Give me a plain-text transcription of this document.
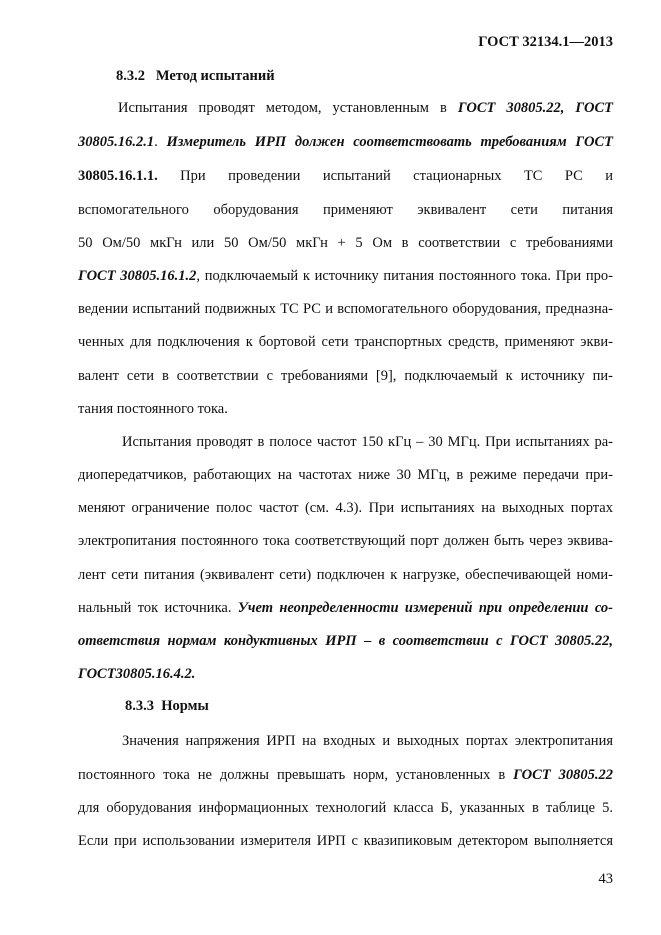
ГОСТ 32134.1—2013
8.3.2 Метод испытаний
Испытания проводят методом, установленным в ГОСТ 30805.22, ГОСТ
30805.16.2.1. Измеритель ИРП должен соответствовать требованиям ГОСТ
30805.16.1.1. При проведении испытаний стационарных ТС РС и
вспомогательного оборудования применяют эквивалент сети питания
50 Ом/50 мкГн или 50 Ом/50 мкГн + 5 Ом в соответствии с требованиями
ГОСТ 30805.16.1.2, подключаемый к источнику питания постоянного тока. При про-
ведении испытаний подвижных ТС РС и вспомогательного оборудования, предназна-
ченных для подключения к бортовой сети транспортных средств, применяют экви-
валент сети в соответствии с требованиями [9], подключаемый к источнику пи-
тания постоянного тока.
Испытания проводят в полосе частот 150 кГц – 30 МГц. При испытаниях ра-
диопередатчиков, работающих на частотах ниже 30 МГц, в режиме передачи при-
меняют ограничение полос частот (см. 4.3). При испытаниях на выходных портах
электропитания постоянного тока соответствующий порт должен быть через эквива-
лент сети питания (эквивалент сети) подключен к нагрузке, обеспечивающей номи-
нальный ток источника. Учет неопределенности измерений при определении со-
ответствия нормам кондуктивных ИРП – в соответствии с ГОСТ 30805.22,
ГОСТ30805.16.4.2.
8.3.3 Нормы
Значения напряжения ИРП на входных и выходных портах электропитания
постоянного тока не должны превышать норм, установленных в ГОСТ 30805.22
для оборудования информационных технологий класса Б, указанных в таблице 5.
Если при использовании измерителя ИРП с квазипиковым детектором выполняется
43
